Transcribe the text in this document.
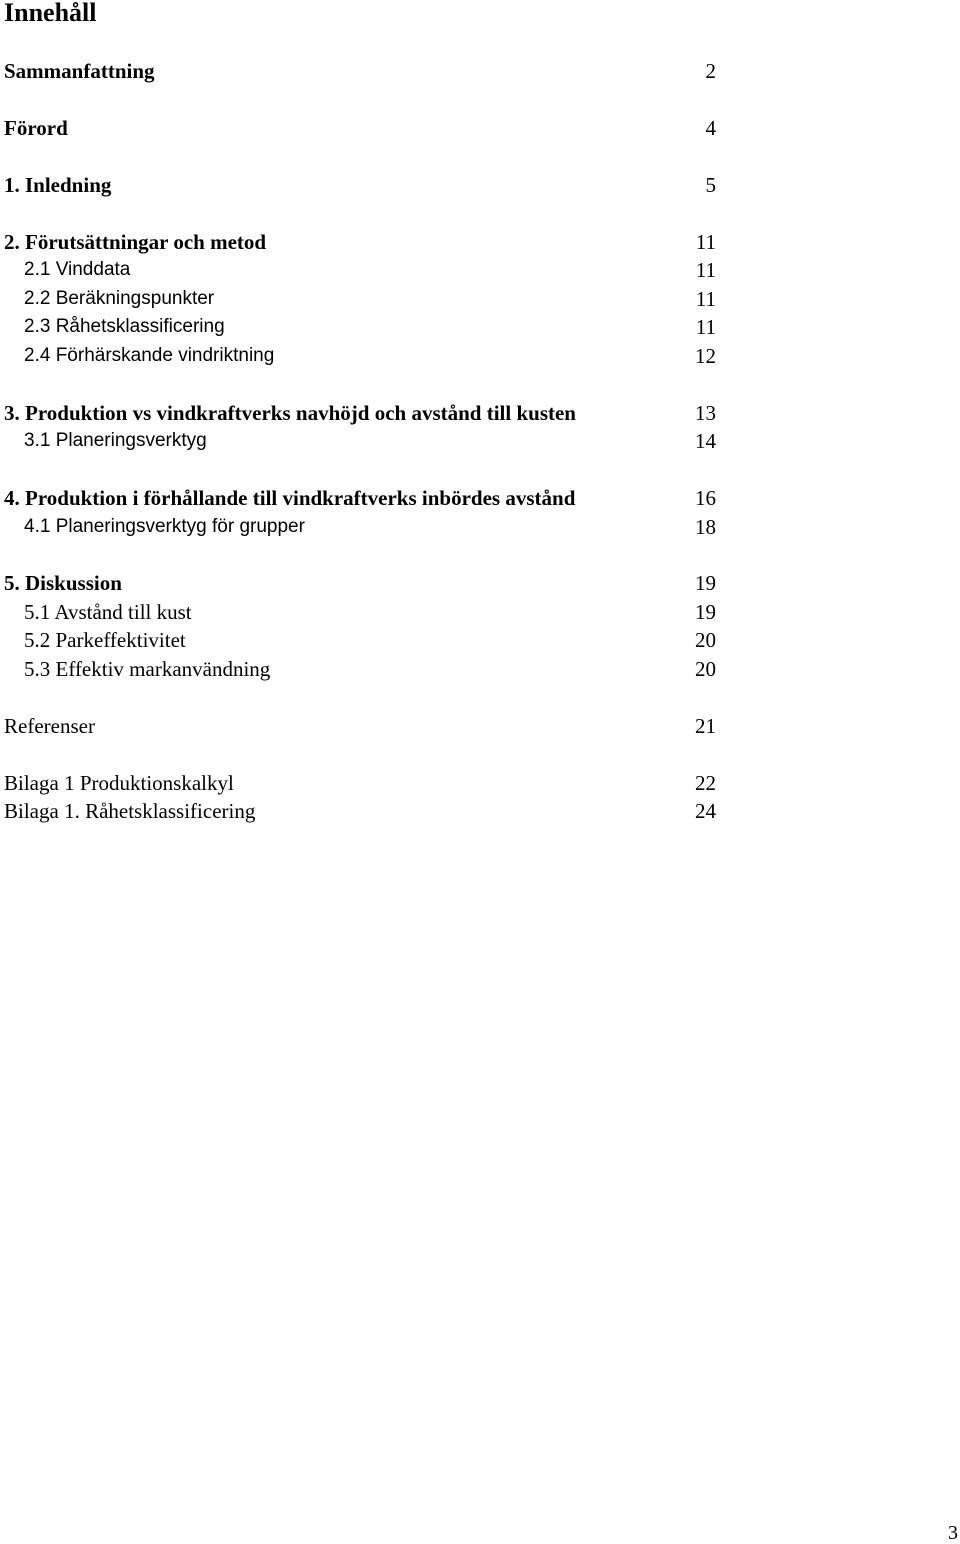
Innehåll
Sammanfattning	2
Förord	4
1. Inledning	5
2. Förutsättningar och metod	11
2.1 Vinddata	11
2.2 Beräkningspunkter	11
2.3 Råhetsklassificering	11
2.4 Förhärskande vindriktning	12
3. Produktion vs vindkraftverks navhöjd och avstånd till kusten	13
3.1 Planeringsverktyg	14
4. Produktion i förhållande till vindkraftverks inbördes avstånd	16
4.1 Planeringsverktyg för grupper	18
5. Diskussion	19
5.1 Avstånd till kust	19
5.2 Parkeffektivitet	20
5.3 Effektiv markanvändning	20
Referenser	21
Bilaga 1 Produktionskalkyl	22
Bilaga 1. Råhetsklassificering	24
3
